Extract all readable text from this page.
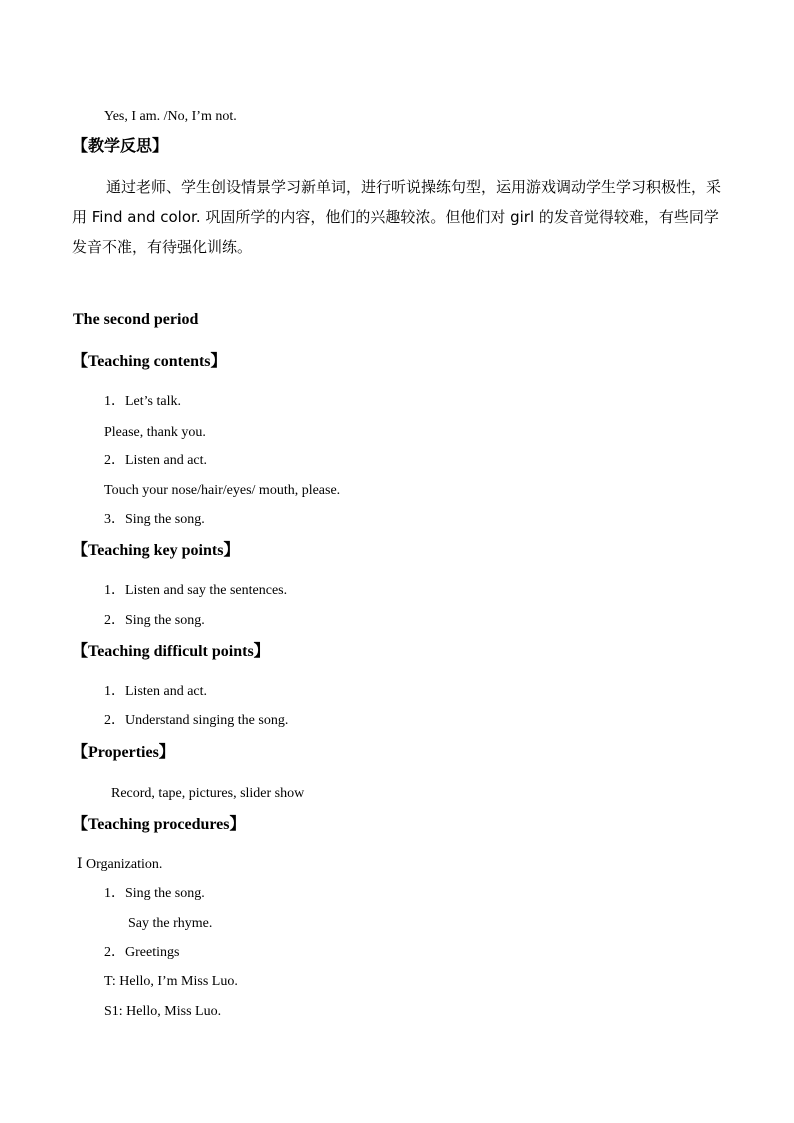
Yes, I am. /No, I’m not.
【教学反思】
通过老师、学生创设情景学习新单词，进行听说操练句型，运用游戏调动学生学习积极性，采用 Find and color. 巩固所学的内容，他们的兴趣较浓。但他们对 girl 的发音觉得较难，有些同学发音不准，有待强化训练。
The second period
【Teaching contents】
1．Let’s talk.
Please, thank you.
2．Listen and act.
Touch your nose/hair/eyes/ mouth, please.
3．Sing the song.
【Teaching key points】
1．Listen and say the sentences.
2．Sing the song.
【Teaching difficult points】
1．Listen and act.
2．Understand singing the song.
【Properties】
Record, tape, pictures, slider show
【Teaching procedures】
Ⅰ Organization.
1．Sing the song.
Say the rhyme.
2．Greetings
T: Hello, I’m Miss Luo.
S1: Hello, Miss Luo.
